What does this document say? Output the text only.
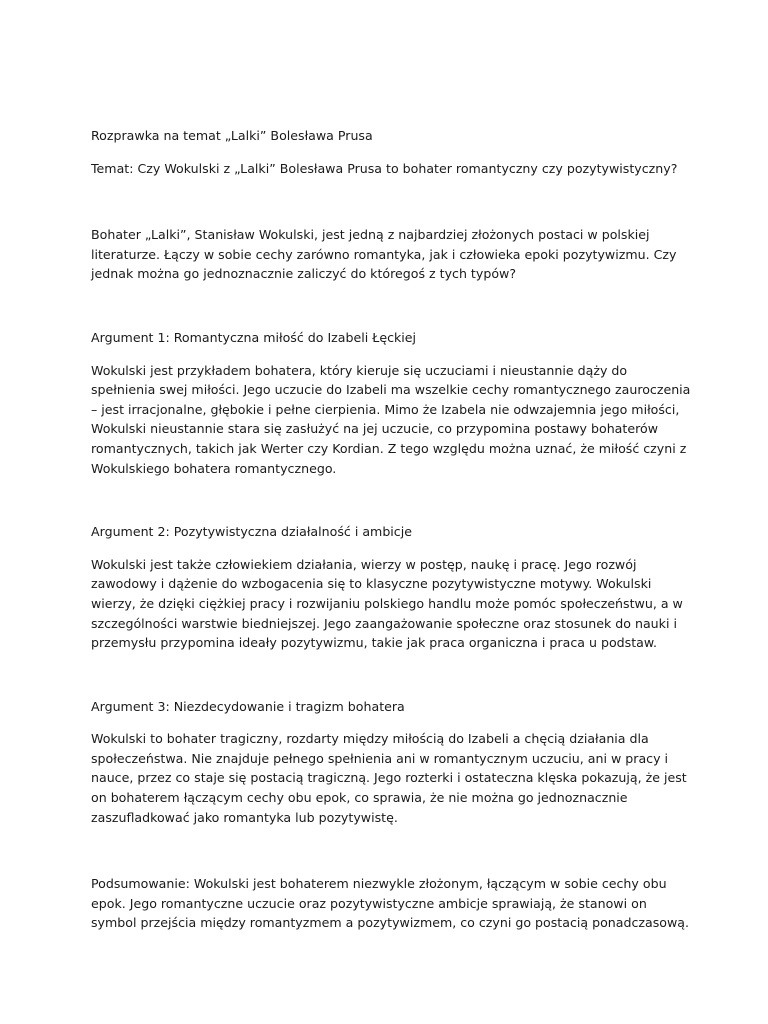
Rozprawka na temat „Lalki” Bolesława Prusa

Temat: Czy Wokulski z „Lalki” Bolesława Prusa to bohater romantyczny czy pozytywistyczny?

Bohater „Lalki”, Stanisław Wokulski, jest jedną z najbardziej złożonych postaci w polskiej literaturze. Łączy w sobie cechy zarówno romantyka, jak i człowieka epoki pozytywizmu. Czy jednak można go jednoznacznie zaliczyć do któregoś z tych typów?

Argument 1: Romantyczna miłość do Izabeli Łęckiej

Wokulski jest przykładem bohatera, który kieruje się uczuciami i nieustannie dąży do spełnienia swej miłości. Jego uczucie do Izabeli ma wszelkie cechy romantycznego zauroczenia – jest irracjonalne, głębokie i pełne cierpienia. Mimo że Izabela nie odwzajemnia jego miłości, Wokulski nieustannie stara się zasłużyć na jej uczucie, co przypomina postawy bohaterów romantycznych, takich jak Werter czy Kordian. Z tego względu można uznać, że miłość czyni z Wokulskiego bohatera romantycznego.

Argument 2: Pozytywistyczna działalność i ambicje

Wokulski jest także człowiekiem działania, wierzy w postęp, naukę i pracę. Jego rozwój zawodowy i dążenie do wzbogacenia się to klasyczne pozytywistyczne motywy. Wokulski wierzy, że dzięki ciężkiej pracy i rozwijaniu polskiego handlu może pomóc społeczeństwu, a w szczególności warstwie biedniejszej. Jego zaangażowanie społeczne oraz stosunek do nauki i przemysłu przypomina ideały pozytywizmu, takie jak praca organiczna i praca u podstaw.

Argument 3: Niezdecydowanie i tragizm bohatera

Wokulski to bohater tragiczny, rozdarty między miłością do Izabeli a chęcią działania dla społeczeństwa. Nie znajduje pełnego spełnienia ani w romantycznym uczuciu, ani w pracy i nauce, przez co staje się postacią tragiczną. Jego rozterki i ostateczna klęska pokazują, że jest on bohaterem łączącym cechy obu epok, co sprawia, że nie można go jednoznacznie zaszufladkować jako romantyka lub pozytywistę.

Podsumowanie: Wokulski jest bohaterem niezwykle złożonym, łączącym w sobie cechy obu epok. Jego romantyczne uczucie oraz pozytywistyczne ambicje sprawiają, że stanowi on symbol przejścia między romantyzmem a pozytywizmem, co czyni go postacią ponadczasową.
